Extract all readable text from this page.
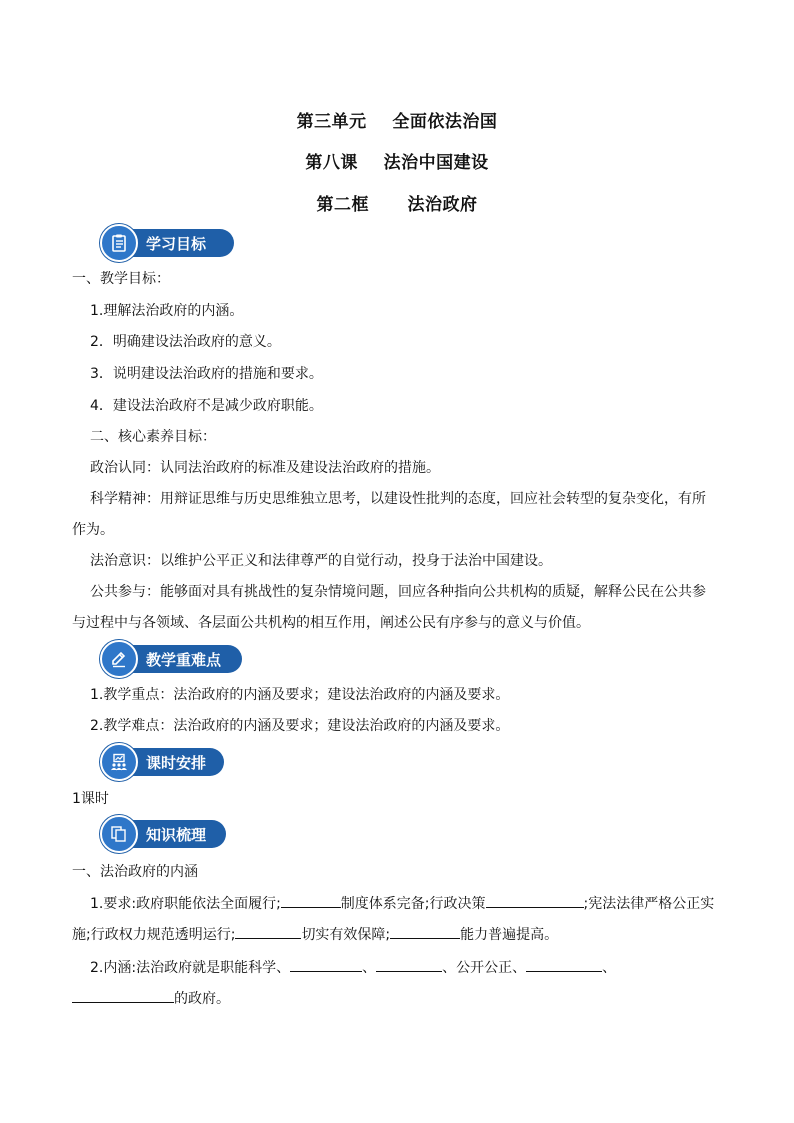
第三单元    全面依法治国
第八课    法治中国建设
第二框      法治政府
学习目标
一、教学目标：
1.理解法治政府的内涵。
2．明确建设法治政府的意义。
3．说明建设法治政府的措施和要求。
4．建设法治政府不是减少政府职能。
二、核心素养目标：
政治认同：认同法治政府的标准及建设法治政府的措施。
科学精神：用辩证思维与历史思维独立思考，以建设性批判的态度，回应社会转型的复杂变化，有所
作为。
法治意识：以维护公平正义和法律尊严的自觉行动，投身于法治中国建设。
公共参与：能够面对具有挑战性的复杂情境问题，回应各种指向公共机构的质疑，解释公民在公共参
与过程中与各领域、各层面公共机构的相互作用，阐述公民有序参与的意义与价值。
教学重难点
1.教学重点：法治政府的内涵及要求；建设法治政府的内涵及要求。
2.教学难点：法治政府的内涵及要求；建设法治政府的内涵及要求。
课时安排
1课时
知识梳理
一、法治政府的内涵
1.要求:政府职能依法全面履行;	制度体系完备;行政决策	;宪法法律严格公正实
施;行政权力规范透明运行;	切实有效保障;	能力普遍提高。
2.内涵:法治政府就是职能科学、	、	、公开公正、	、
的政府。
